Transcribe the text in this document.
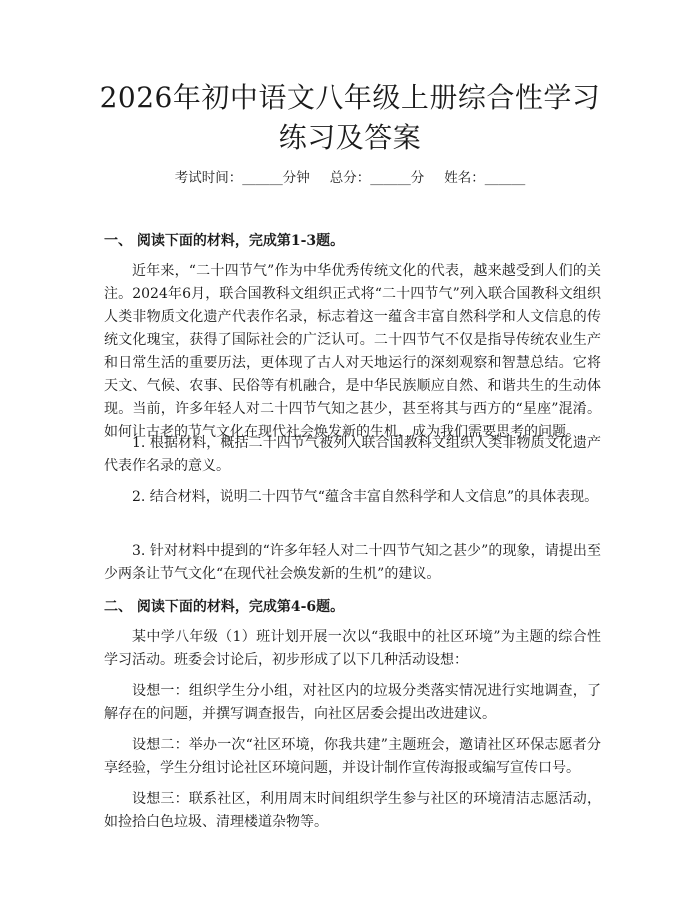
2026年初中语文八年级上册综合性学习练习及答案
考试时间：______分钟 总分：______分 姓名：______
一、 阅读下面的材料，完成第1-3题。
近年来，“二十四节气”作为中华优秀传统文化的代表，越来越受到人们的关注。2024年6月，联合国教科文组织正式将“二十四节气”列入联合国教科文组织人类非物质文化遗产代表作名录，标志着这一蕴含丰富自然科学和人文信息的传统文化瑰宝，获得了国际社会的广泛认可。二十四节气不仅是指导传统农业生产和日常生活的重要历法，更体现了古人对天地运行的深刻观察和智慧总结。它将天文、气候、农事、民俗等有机融合，是中华民族顺应自然、和谐共生的生动体现。当前，许多年轻人对二十四节气知之甚少，甚至将其与西方的“星座”混淆。如何让古老的节气文化在现代社会焕发新的生机，成为我们需要思考的问题。
1. 根据材料，概括二十四节气被列入联合国教科文组织人类非物质文化遗产代表作名录的意义。
2. 结合材料，说明二十四节气“蕴含丰富自然科学和人文信息”的具体表现。
3. 针对材料中提到的“许多年轻人对二十四节气知之甚少”的现象，请提出至少两条让节气文化“在现代社会焕发新的生机”的建议。
二、 阅读下面的材料，完成第4-6题。
某中学八年级（1）班计划开展一次以“我眼中的社区环境”为主题的综合性学习活动。班委会讨论后，初步形成了以下几种活动设想：
设想一：组织学生分小组，对社区内的垃圾分类落实情况进行实地调查，了解存在的问题，并撰写调查报告，向社区居委会提出改进建议。
设想二：举办一次“社区环境，你我共建”主题班会，邀请社区环保志愿者分享经验，学生分组讨论社区环境问题，并设计制作宣传海报或编写宣传口号。
设想三：联系社区，利用周末时间组织学生参与社区的环境清洁志愿活动，如捡拾白色垃圾、清理楼道杂物等。
